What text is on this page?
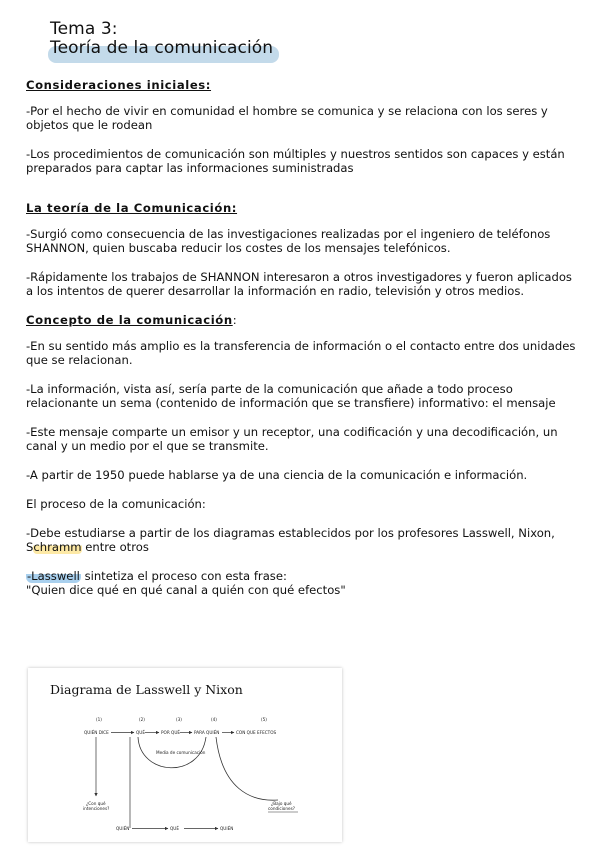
Tema 3:
Teoría de la comunicación

Consideraciones iniciales:

-Por el hecho de vivir en comunidad el hombre se comunica y se relaciona con los seres y objetos que le rodean

-Los procedimientos de comunicación son múltiples y nuestros sentidos son capaces y están preparados para captar las informaciones suministradas

La teoría de la Comunicación:

-Surgió como consecuencia de las investigaciones realizadas por el ingeniero de teléfonos SHANNON, quien buscaba reducir los costes de los mensajes telefónicos.

-Rápidamente los trabajos de SHANNON interesaron a otros investigadores y fueron aplicados a los intentos de querer desarrollar la información en radio, televisión y otros medios.

Concepto de la comunicación:

-En su sentido más amplio es la transferencia de información o el contacto entre dos unidades que se relacionan.

-La información, vista así, sería parte de la comunicación que añade a todo proceso relacionante un sema (contenido de información que se transfiere) informativo: el mensaje

-Este mensaje comparte un emisor y un receptor, una codificación y una decodificación, un canal y un medio por el que se transmite.

-A partir de 1950 puede hablarse ya de una ciencia de la comunicación e información.

El proceso de la comunicación:

-Debe estudiarse a partir de los diagramas establecidos por los profesores Lasswell, Nixon, Schramm entre otros

-Lasswell sintetiza el proceso con esta frase:

"Quien dice qué en qué canal a quién con qué efectos"

Diagrama de Lasswell y Nixon
(1)	(2)	(3)	(4)	(5)
QUIÉN DICE	QUÉ	POR QUÉ	PARA QUIÉN	CON QUE EFECTOS
Media de comunicación
¿Con qué
intenciones?
¿Bajo qué
condiciones?
QUIÉN	QUÉ	QUIÉN
